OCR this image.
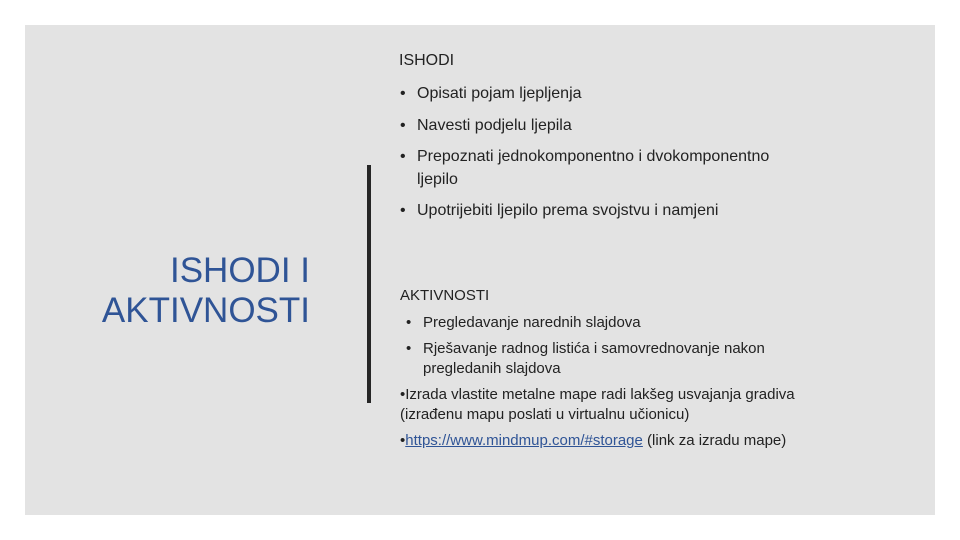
ISHODI I
AKTIVNOSTI

ISHODI

• Opisati pojam ljepljenja

• Navesti podjelu ljepila

• Prepoznati jednokomponentno i dvokomponentno

ljepilo

• Upotrijebiti ljepilo prema svojstvu i namjeni

AKTIVNOSTI

• Pregledavanje narednih slajdova

• Rješavanje radnog listića i samovrednovanje nakon

pregledanih slajdova

•Izrada vlastite metalne mape radi lakšeg usvajanja gradiva

(izrađenu mapu poslati u virtualnu učionicu)

•https://www.mindmup.com/#storage (link za izradu mape)
